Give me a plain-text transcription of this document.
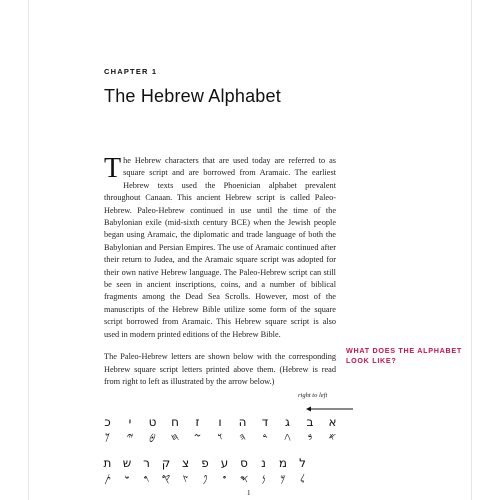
CHAPTER 1
The Hebrew Alphabet

T he Hebrew characters that are used today are referred to as square script and are borrowed from Aramaic. The earliest Hebrew texts used the Phoenician alphabet prevalent throughout Canaan. This ancient Hebrew script is called Paleo-Hebrew. Paleo-Hebrew continued in use until the time of the Babylonian exile (mid-sixth century BCE) when the Jewish people began using Aramaic, the diplomatic and trade language of both the Babylonian and Persian Empires. The use of Aramaic continued after their return to Judea, and the Aramaic square script was adopted for their own native Hebrew language. The Paleo-Hebrew script can still be seen in ancient inscriptions, coins, and a number of biblical fragments among the Dead Sea Scrolls. However, most of the manuscripts of the Hebrew Bible utilize some form of the square script borrowed from Aramaic. This Hebrew square script is also used in modern printed editions of the Hebrew Bible.

The Paleo-Hebrew letters are shown below with the corresponding Hebrew square script letters printed above them. (Hebrew is read from right to left as illustrated by the arrow below.)

WHAT DOES THE ALPHABET LOOK LIKE?
right to left
כ	י	ט	ח	ז	ו	ה	ד	ג	ב	א
𐤊	𐤉	𐤈	𐤇	𐤆	𐤅	𐤄	𐤃	𐤂	𐤁	𐤀
ת ש ר ק צ	פ ע ס	נ	מ	ל
𐤕	𐤔	𐤓	𐤒	𐤑	𐤐	𐤏	𐤎	𐤍	𐤌	𐤋
1
